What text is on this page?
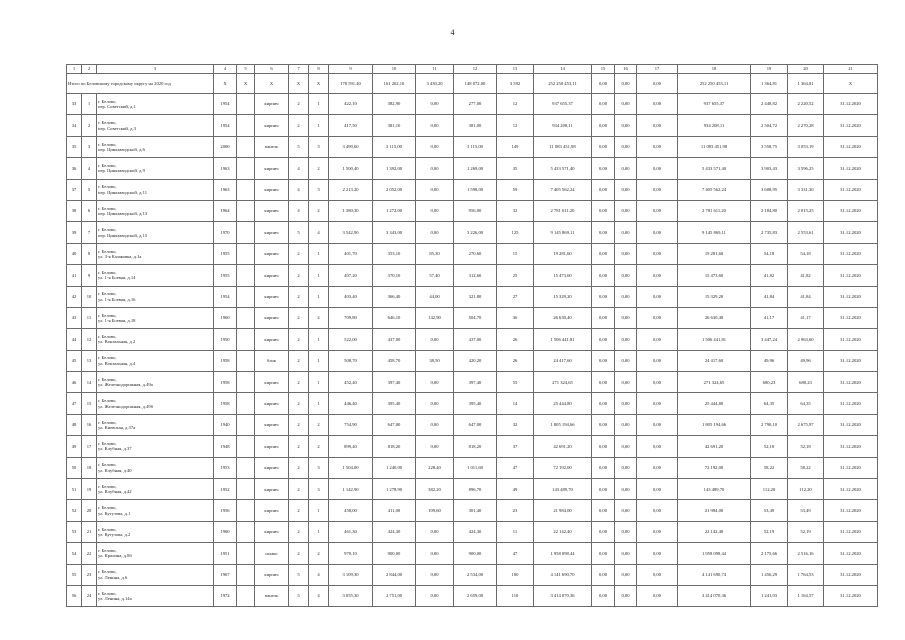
4
1	2	3	4	5	6	7	8	9	10	11	12	13	14	15	16	17	18	19	20	21
Итого по Беловскому городскому округу на 2020 год			X	X	X	X	X	178 591,40	161 202,10	3 430,20	148 072,00	3 592	252 250 453,11	0,00	0,00	0,00	252 250 453,11	1 364,81	1 364,81	X
33	1	г. Белово,
пер. Советский, д.1	1954		кирпич	2	1	422,10	382,90	0,00	277,00	12	937 655,37	0,00	0,00	0,00	937 655,37	2 448,82	2 220,52	31.12.2020
34	2	г. Белово,
пер. Советский, д.3	1954		кирпич	2	1	417,50	381,10	0,00	381,00	12	934 208,11	0,00	0,00	0,00	934 208,11	2 504,72	2 270,28	31.12.2020
35	3	г. Белово,
пер. Цинкзаводской, д.6	2000		панель	5	3	3 499,60	3 115,00	0,00	3 115,00	149	11 083 451,98	0,00	0,00	0,00	11 083 451,98	3 558,75	3 053,19	31.12.2020
36	4	г. Белово,
пер. Цинкзаводской, д.9	1963		кирпич	4	2	1 500,40	1 392,00	0,00	1 269,00	35	5 433 571,40	0,00	0,00	0,00	5 433 571,40	3 903,43	3 596,25	31.12.2020
37	5	г. Белово,
пер. Цинкзаводской, д.11	1963		кирпич	4	3	2 213,20	2 052,00	0,00	1 598,00	59	7 405 562,24	0,00	0,00	0,00	7 405 562,24	3 608,95	3 331,30	31.12.2020
38	6	г. Белово,
пер. Цинкзаводской, д.13	1964		кирпич	4	2	1 380,30	1 272,00	0,00	956,00	32	2 781 611,20	0,00	0,00	0,00	2 781 611,20	2 184,80	2 015,25	31.12.2020
39	7	г. Белово,
пер. Цинкзаводской, д.15	1970		кирпич	5	4	3 542,90	3 343,00	0,00	3 226,00	125	9 145 869,11	0,00	0,00	0,00	9 145 869,11	2 735,83	2 553,61	31.12.2020
40	8	г. Белово,
ул. 3-я Казаковка, д.1а	1955		кирпич	2	1	401,70	353,10	85,30	270,60	15	19 281,60	0,00	0,00	0,00	19 281,60	54,18	54,18	31.12.2020
41	9	г. Белово,
ул. 1-я Боевая, д.14	1955		кирпич	2	1	407,20	370,10	57,40	312,60	25	15 473,60	0,00	0,00	0,00	15 473,60	41,82	41,82	31.12.2020
42	10	г. Белово,
ул. 1-я Боевая, д.16	1954		кирпич	2	1	403,40	366,40	44,00	321,80	27	15 329,20	0,00	0,00	0,00	15 329,20	41,84	41,84	31.12.2020
43	11	г. Белово,
ул. 1-я Боевая, д.18	1960		кирпич	2	2	709,80	646,10	142,90	504,70	36	26 630,40	0,00	0,00	0,00	26 630,40	41,17	41,17	31.12.2020
44	12	г. Белово,
ул. Вокзальная, д.2	1950		кирпич	2	1	522,00	437,00	0,00	437,00	26	1 506 441,81	0,00	0,00	0,00	1 506 441,81	3 447,24	2 963,60	31.12.2020
45	13	г. Белово,
ул. Вокзальная, д.4	1958		блок	2	1	508,70	458,70	38,50	420,20	26	24 417,60	0,00	0,00	0,00	24 417,60	49,96	49,96	31.12.2020
46	14	г. Белово,
ул. Железнодорожная, д.49а	1958		кирпич	2	1	452,40	397,40	0,00	397,40	55	271 324,65	0,00	0,00	0,00	271 324,65	680,23	680,23	31.12.2020
47	15	г. Белово,
ул. Железнодорожная, д.49б	1958		кирпич	2	1	446,40	395,40	0,00	395,40	14	25 444,80	0,00	0,00	0,00	25 444,80	64,35	64,35	31.12.2020
48	16	г. Белово,
ул. Киевская, д.37а	1940		кирпич	2	2	754,90	647,00	0,00	647,00	32	1 805 194,66	0,00	0,00	0,00	1 805 194,66	2 790,10	2 675,97	31.12.2020
49	17	г. Белово,
ул. Клубная, д.37	1948		кирпич	2	2	899,40	818,20	0,00	818,20	37	42 691,20	0,00	0,00	0,00	42 691,20	52,18	52,18	31.12.2020
50	18	г. Белово,
ул. Клубная, д.40	1953		кирпич	2	3	1 504,00	1 240,00	228,40	1 011,60	47	72 192,00	0,00	0,00	0,00	72 192,00	58,22	58,22	31.12.2020
51	19	г. Белово,
ул. Клубная, д.42	1952		кирпич	2	3	1 142,90	1 278,90	382,20	896,70	49	143 489,70	0,00	0,00	0,00	143 489,70	112,20	112,20	31.12.2020
52	20	г. Белово,
ул. Кутузова, д.1	1956		кирпич	2	1	458,00	411,00	109,60	301,40	23	21 984,00	0,00	0,00	0,00	21 984,00	53,49	53,49	31.12.2020
53	21	г. Белово,
ул. Кутузова, д.2	1960		кирпич	2	1	461,30	424,30	0,00	424,30	11	22 142,40	0,00	0,00	0,00	22 142,40	52,19	52,19	31.12.2020
54	22	г. Белово,
ул. Кралина, д.8б	1951		шлако	2	2	979,10	900,00	0,00	900,00	47	1 958 098,44	0,00	0,00	0,00	1 958 098,44	2 175,66	2 516,16	31.12.2020
55	23	г. Белово,
ул. Ленина, д.6	1967		кирпич	5	4	3 109,30	2 844,00	0,00	2 534,00	100	4 141 690,70	0,00	0,00	0,00	4 141 690,74	1 456,29	1 764,53	31.12.2020
56	24	г. Белово,
ул. Ленина, д.14а	1972		панель	5	4	3 055,30	2 751,00	0,00	2 659,00	110	3 414 070,36	0,00	0,00	0,00	3 414 070,36	1 241,03	1 164,57	31.12.2020
